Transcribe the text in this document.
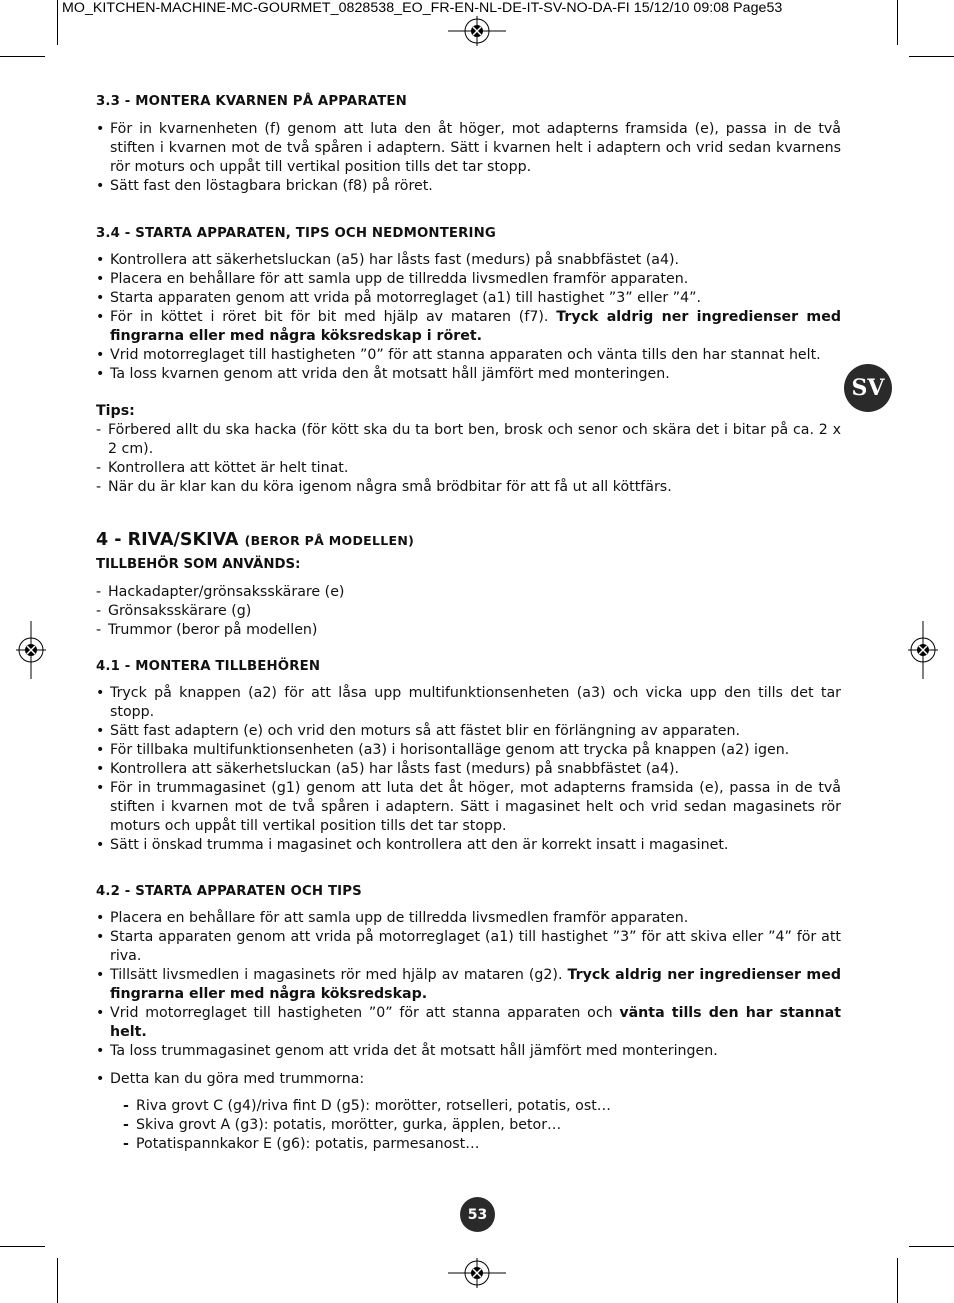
MO_KITCHEN-MACHINE-MC-GOURMET_0828538_EO_FR-EN-NL-DE-IT-SV-NO-DA-FI 15/12/10 09:08 Page53
SV
3.3 - MONTERA KVARNEN PÅ APPARATEN
• För in kvarnenheten (f) genom att luta den åt höger, mot adapterns framsida (e), passa in de två stiften i kvarnen mot de två spåren i adaptern. Sätt i kvarnen helt i adaptern och vrid sedan kvarnens rör moturs och uppåt till vertikal position tills det tar stopp.
• Sätt fast den löstagbara brickan (f8) på röret.
3.4 - STARTA APPARATEN, TIPS OCH NEDMONTERING
• Kontrollera att säkerhetsluckan (a5) har låsts fast (medurs) på snabbfästet (a4).
• Placera en behållare för att samla upp de tillredda livsmedlen framför apparaten.
• Starta apparaten genom att vrida på motorreglaget (a1) till hastighet ”3” eller ”4”.
• För in köttet i röret bit för bit med hjälp av mataren (f7). Tryck aldrig ner ingredienser med fingrarna eller med några köksredskap i röret.
• Vrid motorreglaget till hastigheten ”0” för att stanna apparaten och vänta tills den har stannat helt.
• Ta loss kvarnen genom att vrida den åt motsatt håll jämfört med monteringen.
Tips:
- Förbered allt du ska hacka (för kött ska du ta bort ben, brosk och senor och skära det i bitar på ca. 2 x 2 cm).
- Kontrollera att köttet är helt tinat.
- När du är klar kan du köra igenom några små brödbitar för att få ut all köttfärs.
4 - RIVA/SKIVA (BEROR PÅ MODELLEN)
TILLBEHÖR SOM ANVÄNDS:
- Hackadapter/grönsaksskärare (e)
- Grönsaksskärare (g)
- Trummor (beror på modellen)
4.1 - MONTERA TILLBEHÖREN
• Tryck på knappen (a2) för att låsa upp multifunktionsenheten (a3) och vicka upp den tills det tar stopp.
• Sätt fast adaptern (e) och vrid den moturs så att fästet blir en förlängning av apparaten.
• För tillbaka multifunktionsenheten (a3) i horisontalläge genom att trycka på knappen (a2) igen.
• Kontrollera att säkerhetsluckan (a5) har låsts fast (medurs) på snabbfästet (a4).
• För in trummagasinet (g1) genom att luta det åt höger, mot adapterns framsida (e), passa in de två stiften i kvarnen mot de två spåren i adaptern. Sätt i magasinet helt och vrid sedan magasinets rör moturs och uppåt till vertikal position tills det tar stopp.
• Sätt i önskad trumma i magasinet och kontrollera att den är korrekt insatt i magasinet.
4.2 - STARTA APPARATEN OCH TIPS
• Placera en behållare för att samla upp de tillredda livsmedlen framför apparaten.
• Starta apparaten genom att vrida på motorreglaget (a1) till hastighet ”3” för att skiva eller ”4” för att riva.
• Tillsätt livsmedlen i magasinets rör med hjälp av mataren (g2). Tryck aldrig ner ingredienser med fingrarna eller med några köksredskap.
• Vrid motorreglaget till hastigheten ”0” för att stanna apparaten och vänta tills den har stannat helt.
• Ta loss trummagasinet genom att vrida det åt motsatt håll jämfört med monteringen.
• Detta kan du göra med trummorna:
- Riva grovt C (g4)/riva fint D (g5): morötter, rotselleri, potatis, ost…
- Skiva grovt A (g3): potatis, morötter, gurka, äpplen, betor…
- Potatispannkakor E (g6): potatis, parmesanost…
53
